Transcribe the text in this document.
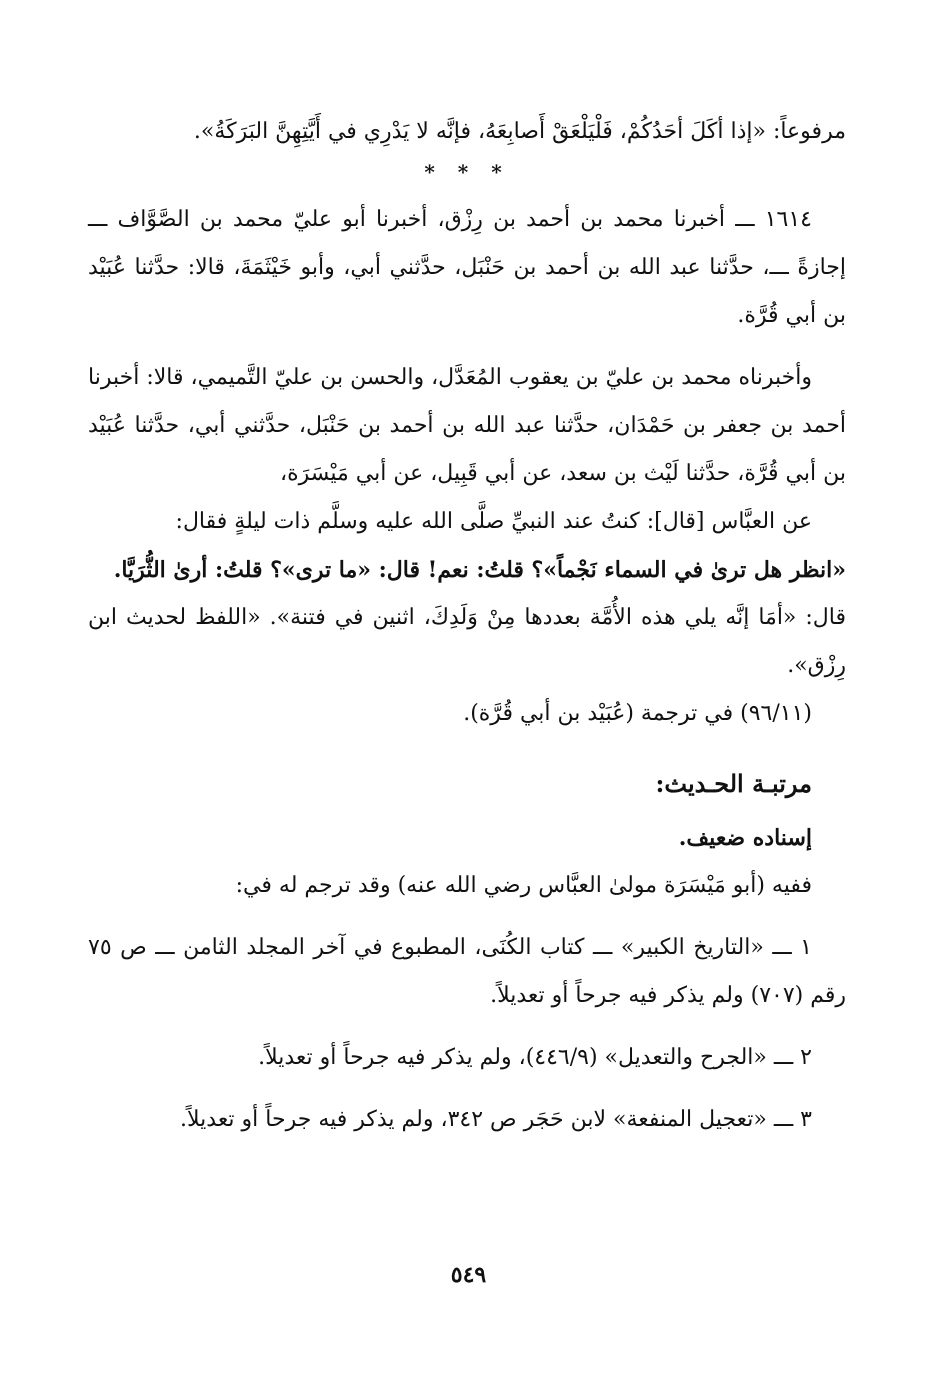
مرفوعاً: «إذا أكَلَ أحَدُكُمْ، فَلْيَلْعَقْ أَصابِعَهُ، فإنَّه لا يَدْرِي في أَيَّتِهِنَّ البَرَكَةُ».

* * *

١٦١٤ ـــ أخبرنا محمد بن أحمد بن رِزْق، أخبرنا أبو عليّ محمد بن الصَّوَّاف ـــ إجازةً ـــ، حدَّثنا عبد الله بن أحمد بن حَنْبَل، حدَّثني أبي، وأبو خَيْثَمَةَ، قالا: حدَّثنا عُبَيْد بن أبي قُرَّة.

وأخبرناه محمد بن عليّ بن يعقوب المُعَدَّل، والحسن بن عليّ التَّميمي، قالا: أخبرنا أحمد بن جعفر بن حَمْدَان، حدَّثنا عبد الله بن أحمد بن حَنْبَل، حدَّثني أبي، حدَّثنا عُبَيْد بن أبي قُرَّة، حدَّثنا لَيْث بن سعد، عن أبي قَبِيل، عن أبي مَيْسَرَة،

عن العبَّاس [قال]: كنتُ عند النبيِّ صلَّى الله عليه وسلَّم ذات ليلةٍ فقال:

«انظر هل ترىٰ في السماء نَجْماً»؟ قلتُ: نعم! قال: «ما ترى»؟ قلتُ: أرىٰ الثُّرَيَّا.

قال: «أمَا إنَّه يلي هذه الأُمَّة بعددها مِنْ وَلَدِكَ، اثنين في فتنة». «اللفظ لحديث ابن رِزْق».

(٩٦/١١) في ترجمة (عُبَيْد بن أبي قُرَّة).

مرتبـة الحـديث:

إسناده ضعيف.

ففيه (أبو مَيْسَرَة مولىٰ العبَّاس رضي الله عنه) وقد ترجم له في:

١ ـــ «التاريخ الكبير» ـــ كتاب الكُنَى، المطبوع في آخر المجلد الثامن ـــ ص ٧٥ رقم (٧٠٧) ولم يذكر فيه جرحاً أو تعديلاً.

٢ ـــ «الجرح والتعديل» (٤٤٦/٩)، ولم يذكر فيه جرحاً أو تعديلاً.

٣ ـــ «تعجيل المنفعة» لابن حَجَر ص ٣٤٢، ولم يذكر فيه جرحاً أو تعديلاً.

٥٤٩
